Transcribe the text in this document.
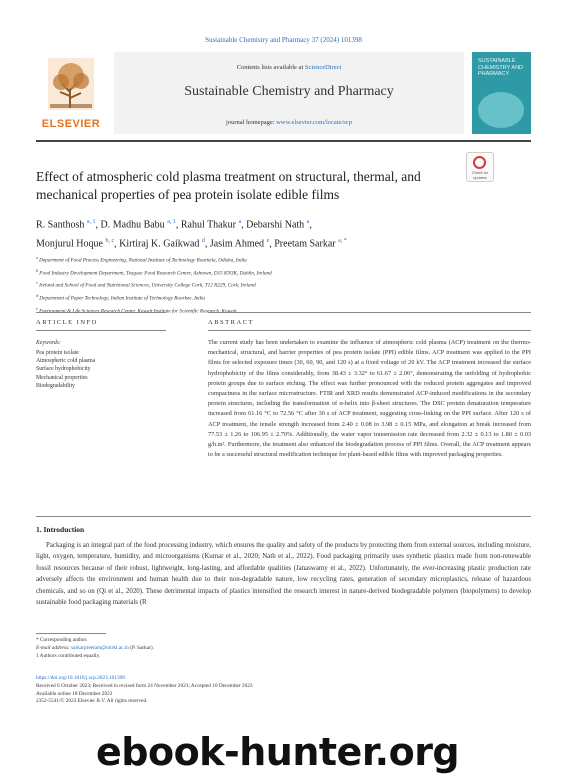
Sustainable Chemistry and Pharmacy 37 (2024) 101398
ELSEVIER
Contents lists available at ScienceDirect
Sustainable Chemistry and Pharmacy
journal homepage: www.elsevier.com/locate/scp
SUSTAINABLE CHEMISTRY AND PHARMACY
Effect of atmospheric cold plasma treatment on structural, thermal, and mechanical properties of pea protein isolate edible films
Check for updates
R. Santhosh $^{a, 1}$, D. Madhu Babu $^{a, 1}$, Rahul Thakur $^a$, Debarshi Nath $^a$,
Monjurul Hoque $^{b, c}$, Kirtiraj K. Gaikwad $^d$, Jasim Ahmed $^e$, Preetam Sarkar $^{a, *}$
$^a$ Department of Food Process Engineering, National Institute of Technology Rourkela, Odisha, India
$^b$ Food Industry Development Department, Teagasc Food Research Centre, Ashtown, D15 KN3K, Dublin, Ireland
$^c$ Ireland and School of Food and Nutritional Sciences, University College Cork, T12 R229, Cork, Ireland
$^d$ Department of Paper Technology, Indian Institute of Technology Roorkee, India
$^e$ for Scientific
ARTICLE INFO	ABSTRACT
Keywords:
Pea protein isolate
Atmospheric cold plasma
Surface hydrophobicity
Mechanical properties
Biodegradability
The current study has been undertaken to examine the influence of atmospheric cold plasma (ACP) treatment on the thermo-mechanical, structural, and barrier properties of pea protein isolate (PPI) edible films. ACP treatment was applied to the PPI films for selected exposure times (30, 60, 90, and 120 s) at a fixed voltage of 20 kV. The ACP treatment increased the surface hydrophobicity of the films considerably, from 38.43 ± 3.32° to 61.67 ± 2.06°, demonstrating the unfolding of hydrophobic protein groups due to surface etching. The effect was further pronounced with the reduced protein aggregates and improved compactness in the surface microstructure. FTIR and XRD results demonstrated ACP-induced modifications in the secondary protein structures, including the transformation of α-helix into β-sheet structures. The DSC protein denaturation temperature increased from 61.16 °C to 72.56 °C after 30 s of ACP treatment, suggesting cross-linking on the PPI surface. After 120 s of ACP treatment, the tensile strength increased from 2.40 ± 0.08 to 3.98 ± 0.15 MPa, and elongation at break increased from 77.53 ± 1.26 to 106.95 ± 2.70%. Additionally, the water vapor transmission rate decreased from 2.32 ± 0.13 to 1.80 ± 0.03 g/h.m². Furthermore, the treatment also enhanced the biodegradation process of PPI films. Overall, the ACP treatment appears to be a successful structural modification technique for plant-based edible films with improved packaging properties.
1. Introduction
Packaging is an integral part of the food processing industry, which ensures the quality and safety of the products by protecting them from external sources, including moisture, light, oxygen, temperature, humidity, and microorganisms (Kumar et al., 2020; Nath et al., 2022). Food packaging primarily uses synthetic plastics made from non-renewable fossil resources because of their robust, lightweight, long-lasting, and affordable qualities (Janaswamy et al., 2022). Unfortunately, the ever-increasing plastic production rate adversely affects the environment and human health due to their non-degradable nature, low recycling rates, generation of secondary microplastics, release of hazardous chemicals, and so on (Qi et al., 2020). These detrimental impacts of plastics intensified the research interest in nature-derived biodegradable polymers (biopolymers) to develop sustainable food packaging materials (R
* Corresponding author.
E-mail address: sarkarpreetam@nitrkl.ac.in (P. Sarkar).
1 Authors contributed equally.
https://doi.org/10.1016/j.scp.2023.101398
Received 6 October 2023; Received in revised form 24 November 2023; Accepted 10 December 2023
Available online 18 December 2023
2352-5541/© 2023 Elsevier B.V. All rights reserved.
ebook-hunter.org
